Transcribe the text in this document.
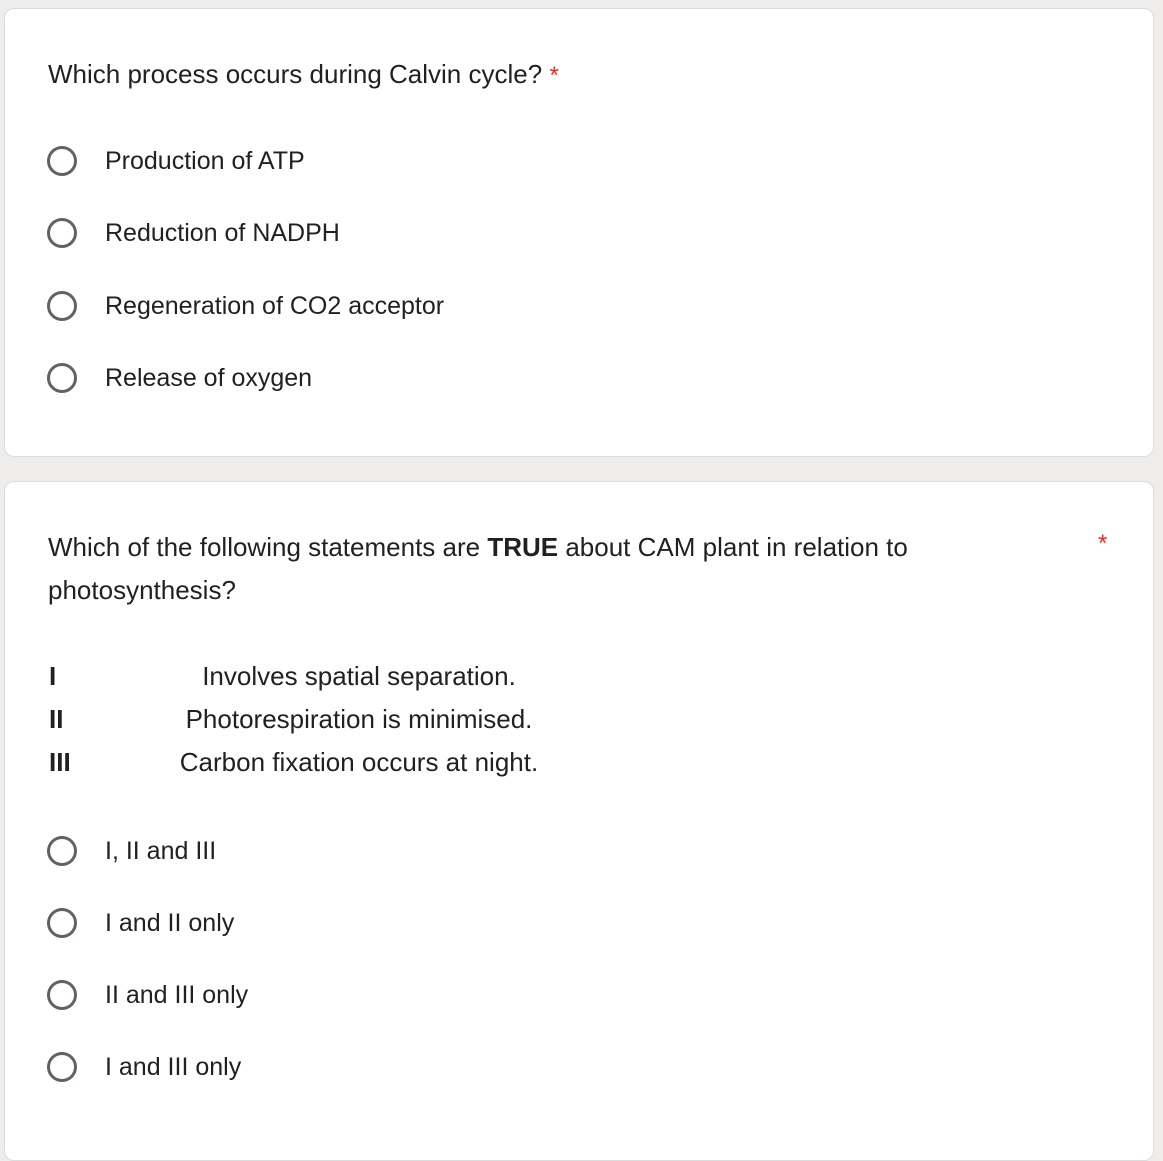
Which process occurs during Calvin cycle? *
Production of ATP
Reduction of NADPH
Regeneration of CO2 acceptor
Release of oxygen
Which of the following statements are TRUE about CAM plant in relation to photosynthesis?
*
I	Involves spatial separation.
II	Photorespiration is minimised.
III	Carbon fixation occurs at night.
I, II and III
I and II only
II and III only
I and III only
